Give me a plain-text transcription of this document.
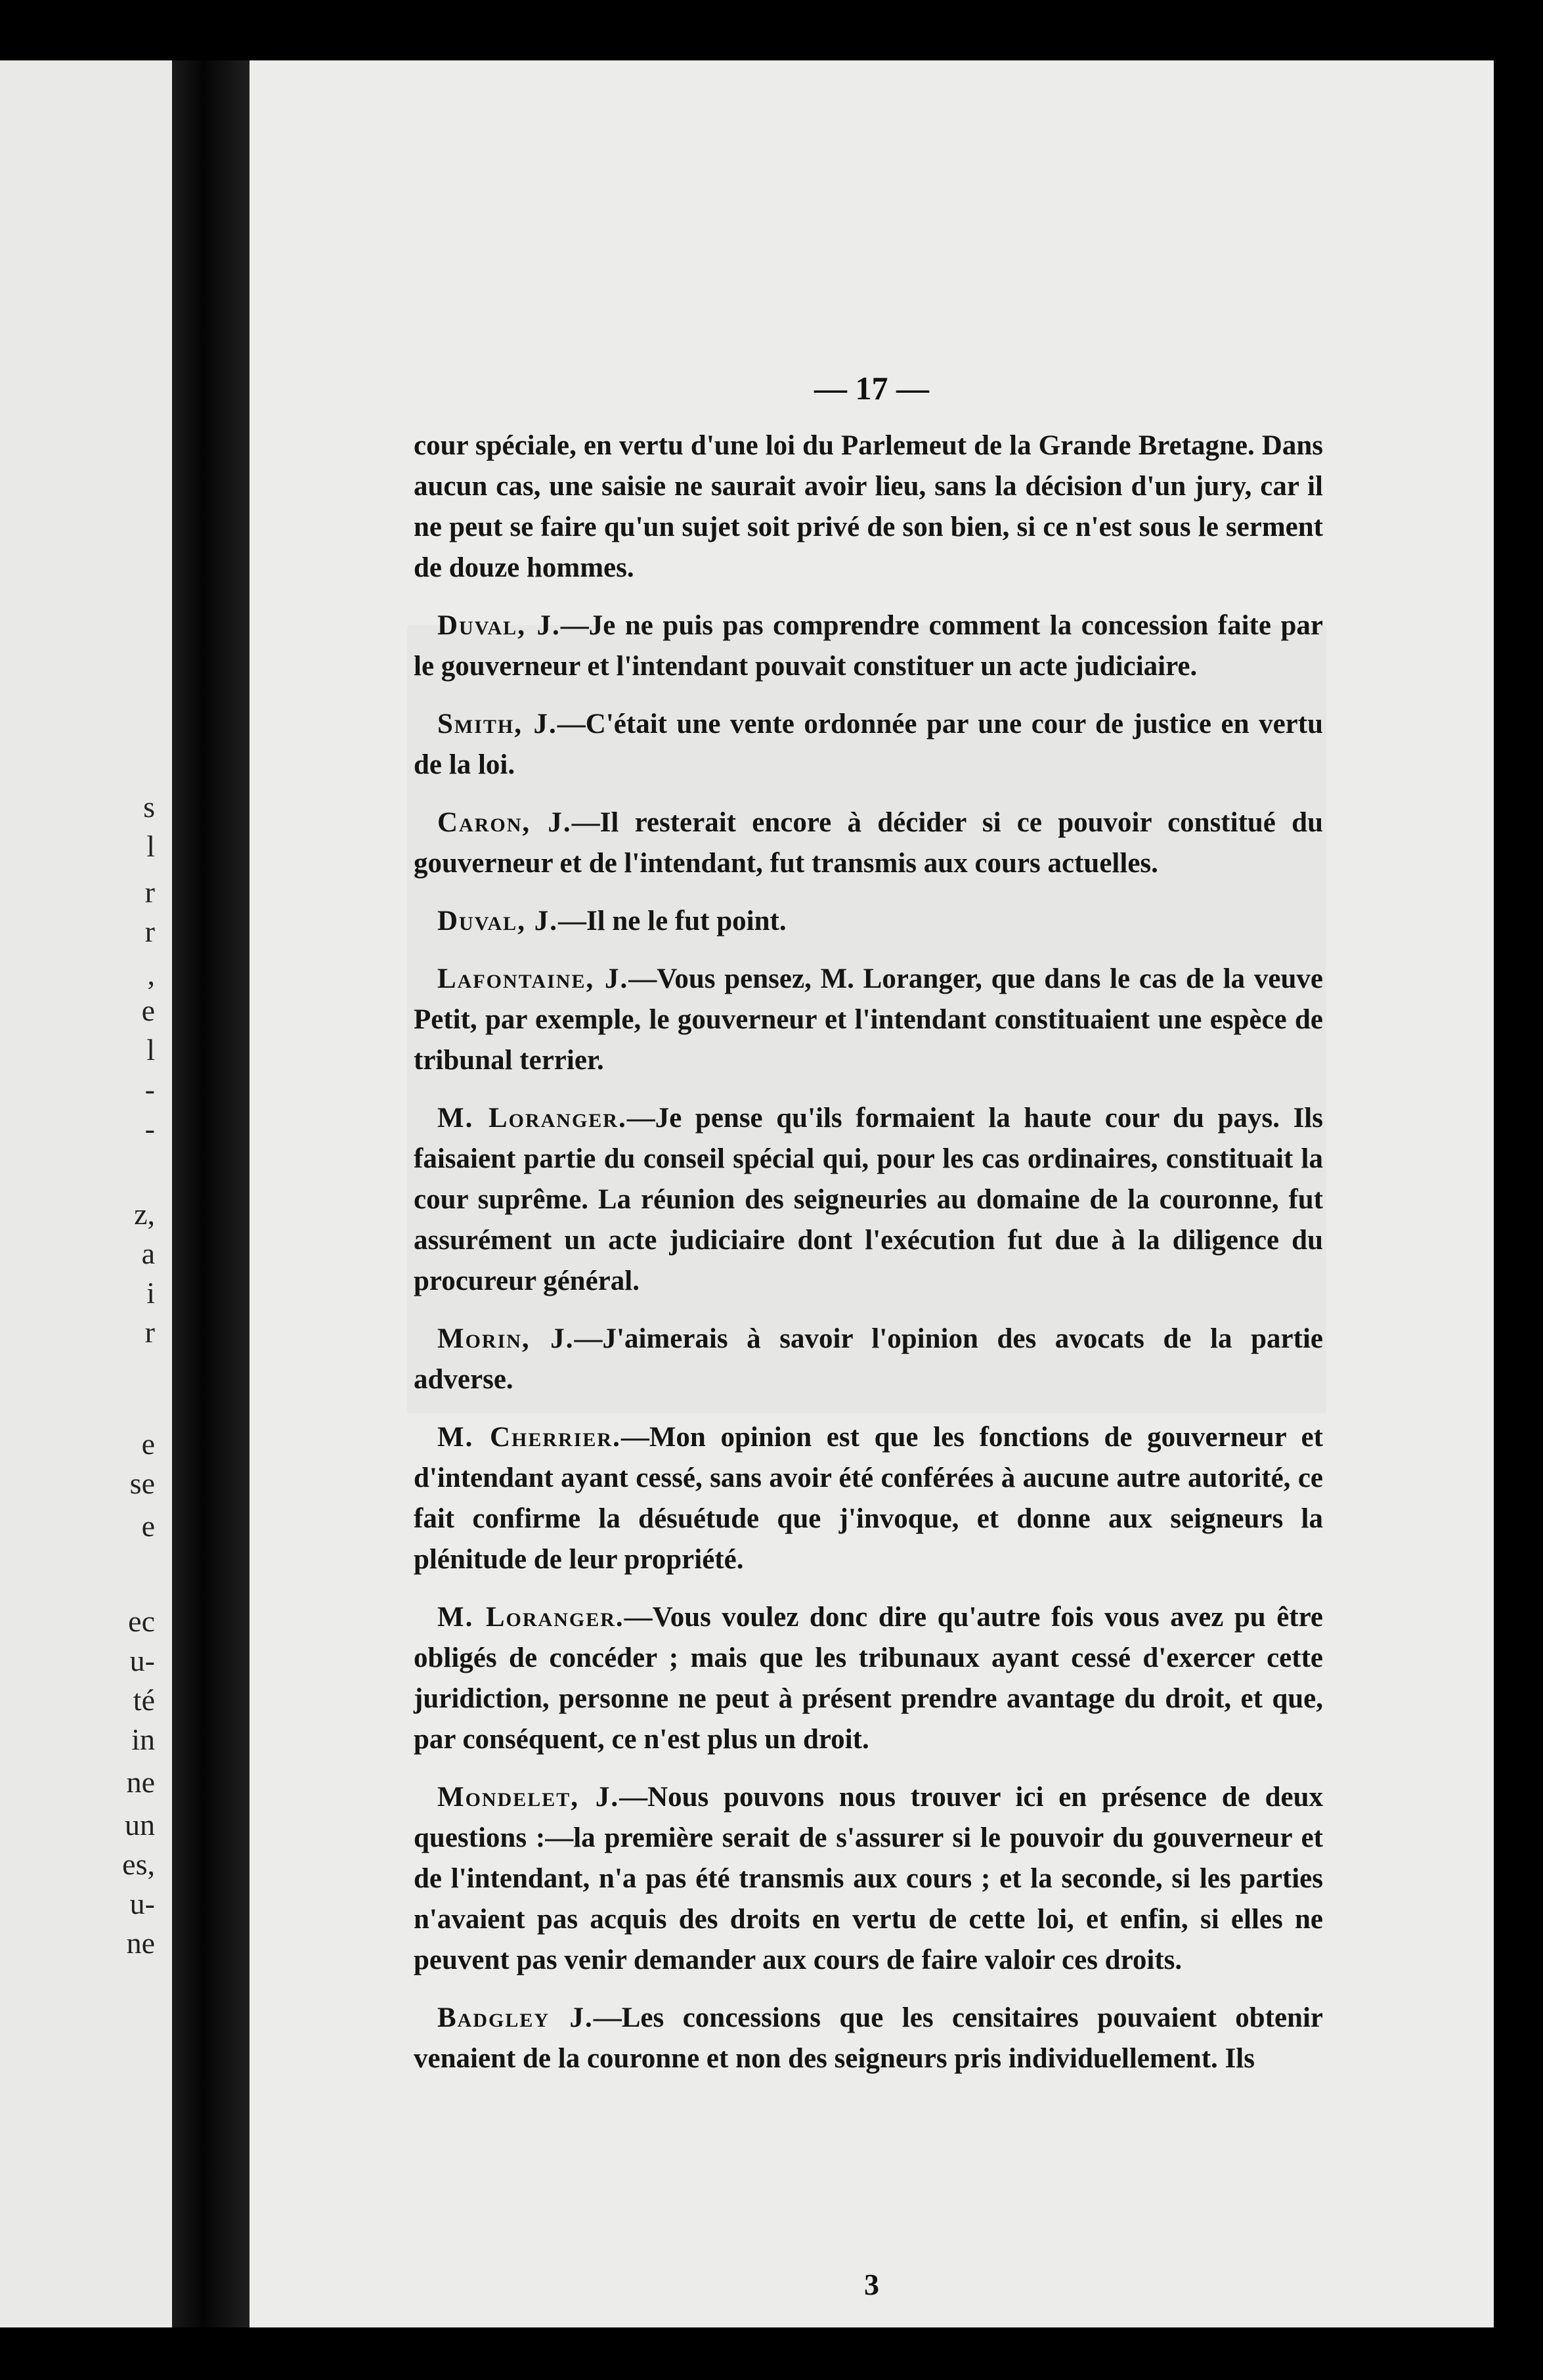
s
l
r
r
,
e
l
-
-
z,
a
i
r
e
se
e
ec
u-
té
in
ne
un
es,
u-
ne
— 17 —

cour spéciale, en vertu d'une loi du Parlemeut de la Grande Bretagne. Dans aucun cas, une saisie ne saurait avoir lieu, sans la décision d'un jury, car il ne peut se faire qu'un sujet soit privé de son bien, si ce n'est sous le serment de douze hommes.

Duval, J.—Je ne puis pas comprendre comment la concession faite par le gouverneur et l'intendant pouvait constituer un acte judiciaire.

Smith, J.—C'était une vente ordonnée par une cour de justice en vertu de la loi.

Caron, J.—Il resterait encore à décider si ce pouvoir constitué du gouverneur et de l'intendant, fut transmis aux cours actuelles.

Duval, J.—Il ne le fut point.

Lafontaine, J.—Vous pensez, M. Loranger, que dans le cas de la veuve Petit, par exemple, le gouverneur et l'intendant constituaient une espèce de tribunal terrier.

M. Loranger.—Je pense qu'ils formaient la haute cour du pays. Ils faisaient partie du conseil spécial qui, pour les cas ordinaires, constituait la cour suprême. La réunion des seigneuries au domaine de la couronne, fut assurément un acte judiciaire dont l'exécution fut due à la diligence du procureur général.

Morin, J.—J'aimerais à savoir l'opinion des avocats de la partie adverse.

M. Cherrier.—Mon opinion est que les fonctions de gouverneur et d'intendant ayant cessé, sans avoir été conférées à aucune autre autorité, ce fait confirme la désuétude que j'invoque, et donne aux seigneurs la plénitude de leur propriété.

M. Loranger.—Vous voulez donc dire qu'autre fois vous avez pu être obligés de concéder ; mais que les tribunaux ayant cessé d'exercer cette juridiction, personne ne peut à présent prendre avantage du droit, et que, par conséquent, ce n'est plus un droit.

Mondelet, J.—Nous pouvons nous trouver ici en présence de deux questions :—la première serait de s'assurer si le pouvoir du gouverneur et de l'intendant, n'a pas été transmis aux cours ; et la seconde, si les parties n'avaient pas acquis des droits en vertu de cette loi, et enfin, si elles ne peuvent pas venir demander aux cours de faire valoir ces droits.

Badgley J.—Les concessions que les censitaires pouvaient obtenir venaient de la couronne et non des seigneurs pris individuellement. Ils

3
